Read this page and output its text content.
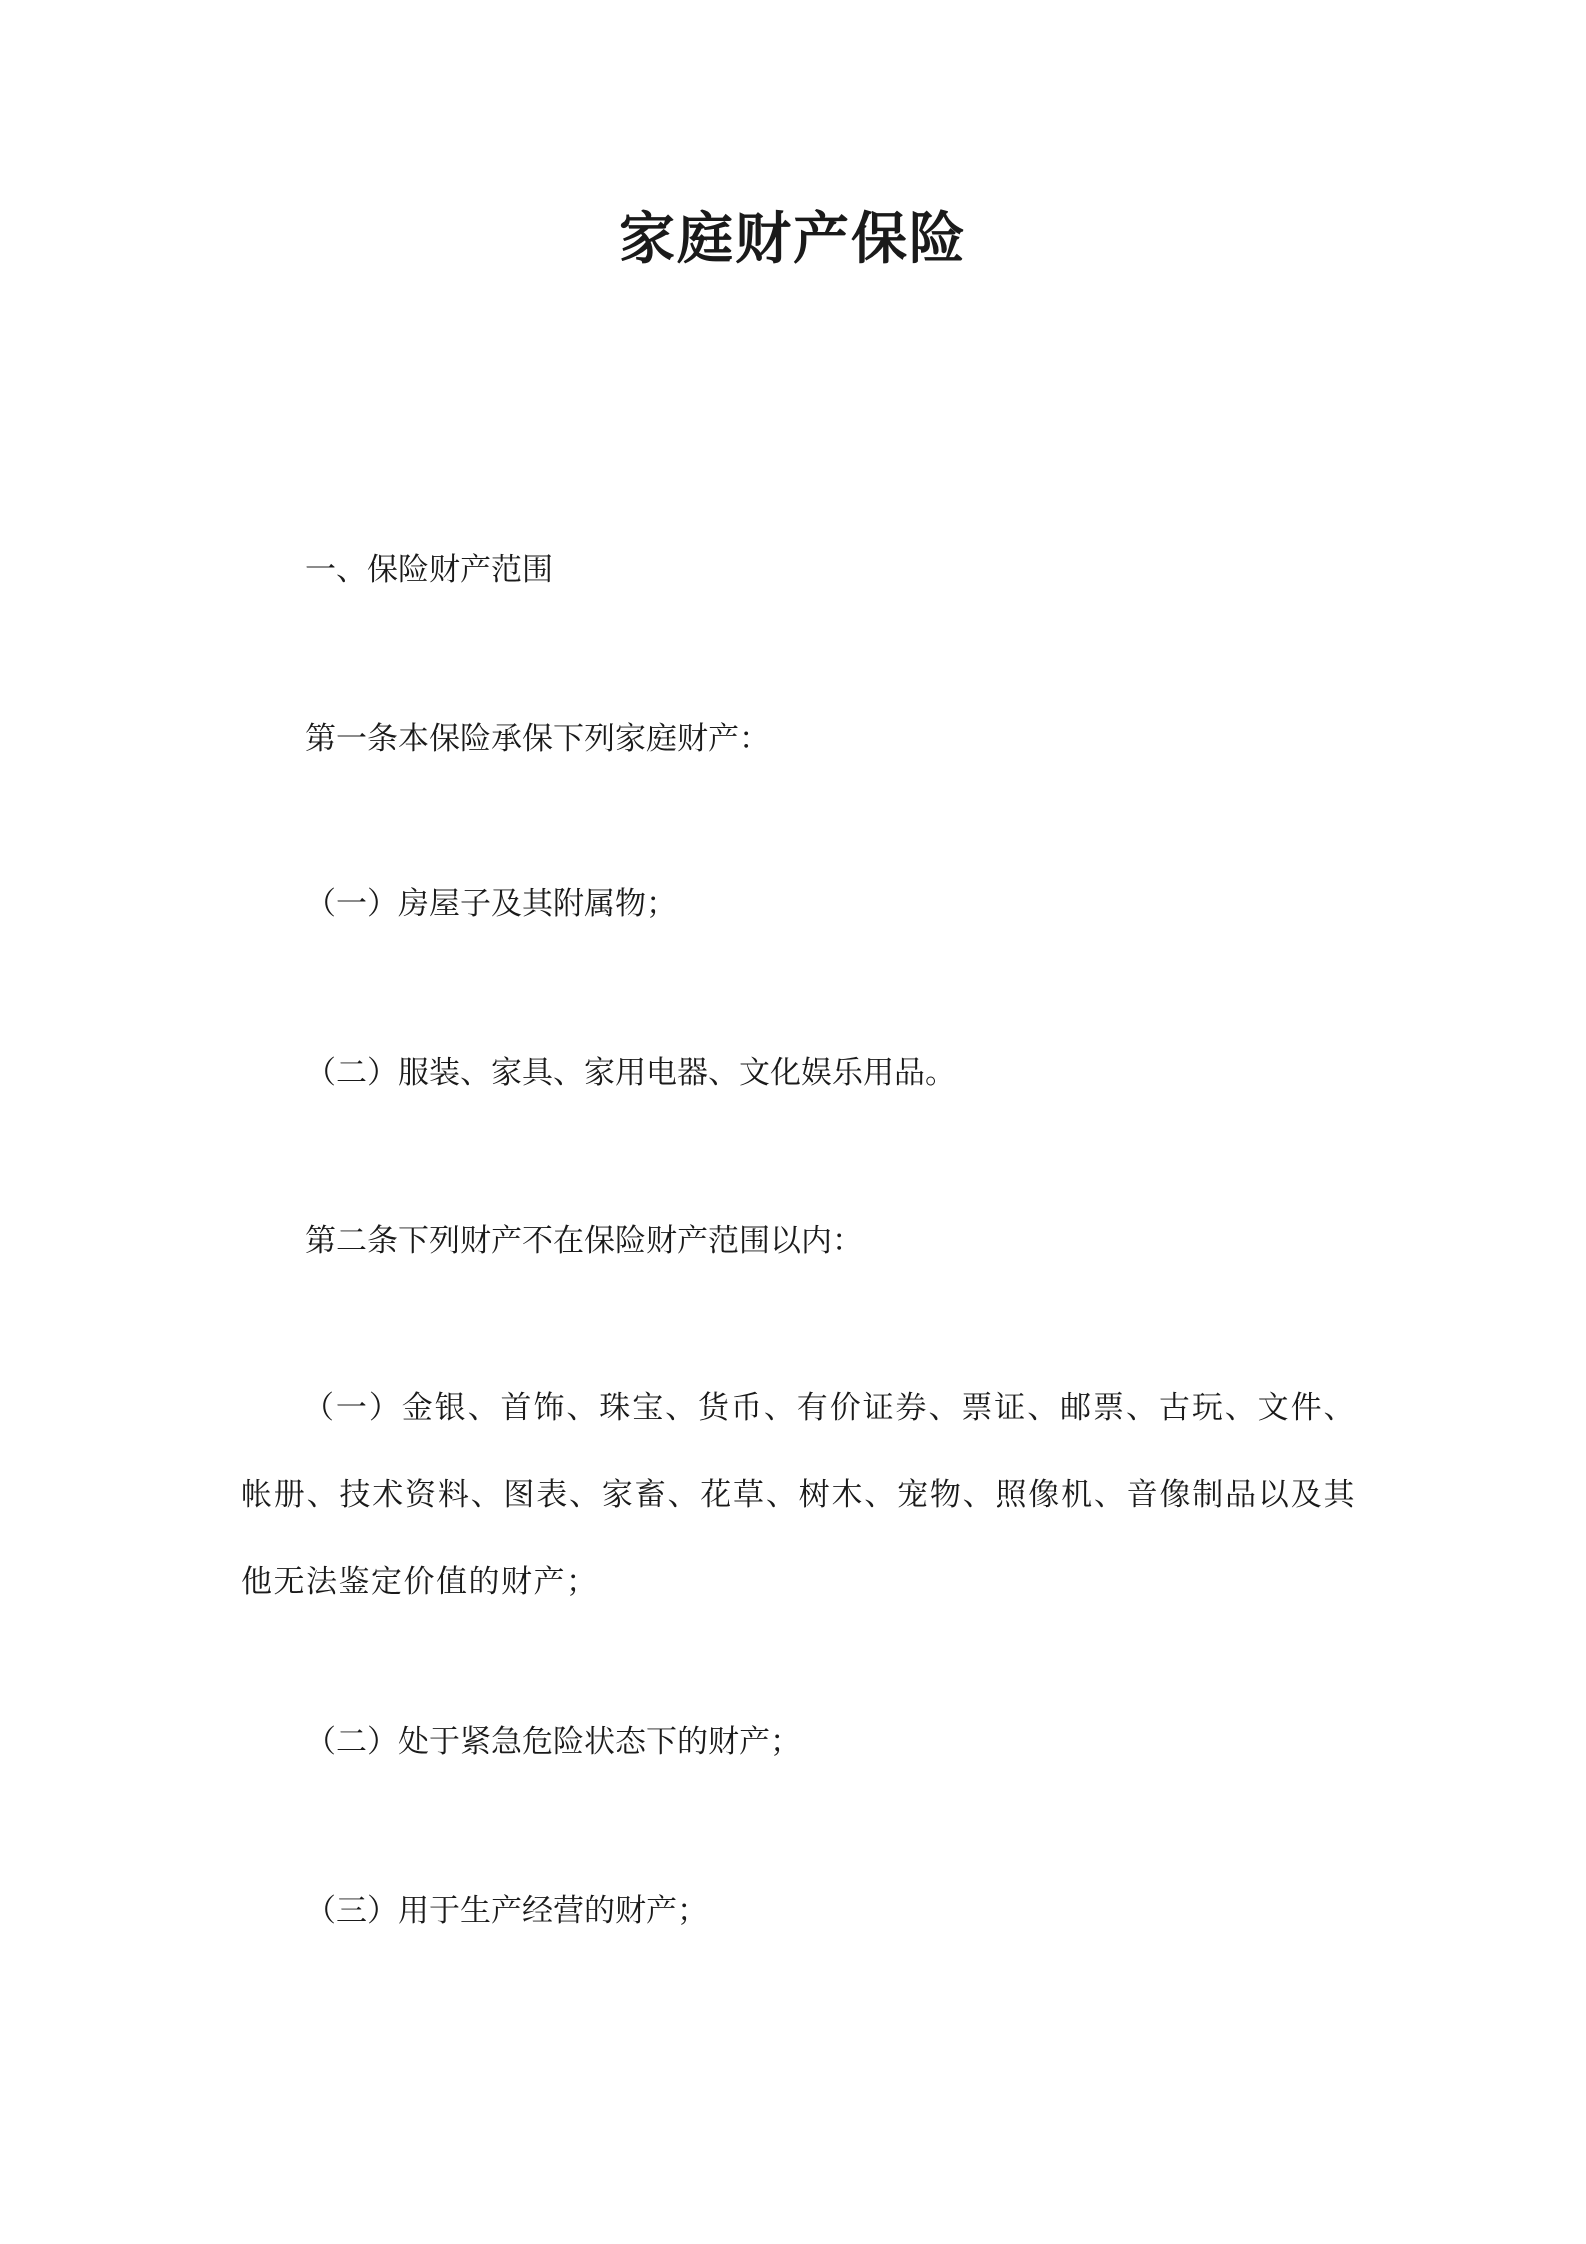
家庭财产保险

一、保险财产范围

第一条本保险承保下列家庭财产：

（一）房屋子及其附属物；

（二）服装、家具、家用电器、文化娱乐用品。

第二条下列财产不在保险财产范围以内：

（一）金银、首饰、珠宝、货币、有价证券、票证、邮票、古玩、文件、帐册、技术资料、图表、家畜、花草、树木、宠物、照像机、音像制品以及其他无法鉴定价值的财产；

（二）处于紧急危险状态下的财产；

（三）用于生产经营的财产；
